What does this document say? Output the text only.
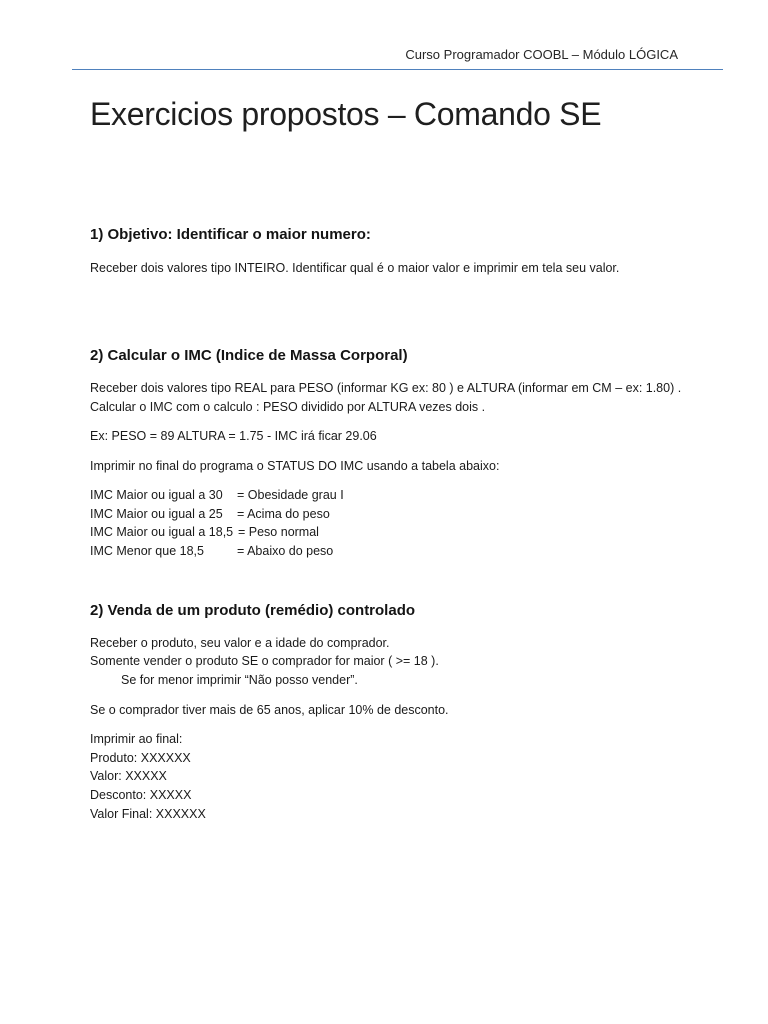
Curso Programador COOBL – Módulo LÓGICA
Exercicios propostos – Comando SE
1) Objetivo: Identificar o maior numero:
Receber dois valores tipo INTEIRO. Identificar qual é o maior valor e imprimir em tela seu valor.
2) Calcular o IMC (Indice de Massa Corporal)
Receber dois valores tipo REAL para PESO (informar KG ex: 80 ) e ALTURA (informar em CM – ex: 1.80) .
Calcular o IMC com o calculo : PESO dividido por ALTURA vezes dois .
Ex: PESO = 89 ALTURA = 1.75 - IMC irá ficar 29.06
Imprimir no final do programa o STATUS DO IMC usando a tabela abaixo:
IMC Maior ou igual a 30 = Obesidade grau I
IMC Maior ou igual a 25 = Acima do peso
IMC Maior ou igual a 18,5 = Peso normal
IMC Menor que 18,5	= Abaixo do peso
2) Venda de um produto (remédio) controlado
Receber o produto, seu valor e a idade do comprador.
Somente vender o produto SE o comprador for maior ( >= 18 ).
Se for menor imprimir “Não posso vender”.
Se o comprador tiver mais de 65 anos, aplicar 10% de desconto.
Imprimir ao final:
Produto: XXXXXX
Valor: XXXXX
Desconto: XXXXX
Valor Final: XXXXXX
